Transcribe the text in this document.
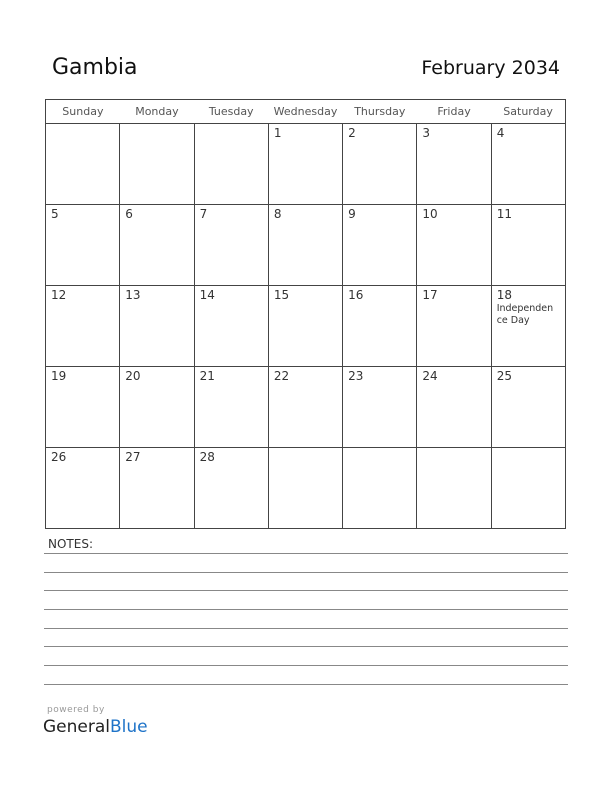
Gambia	February 2034
Sunday	Monday	Tuesday	Wednesday	Thursday	Friday	Saturday

			1	2	3	4

5	6	7	8	9	10	11

12	13	14	15	16	17	18
Independen ce Day

19	20	21	22	23	24	25

26	27	28				

NOTES:
powered by
GeneralBlue
